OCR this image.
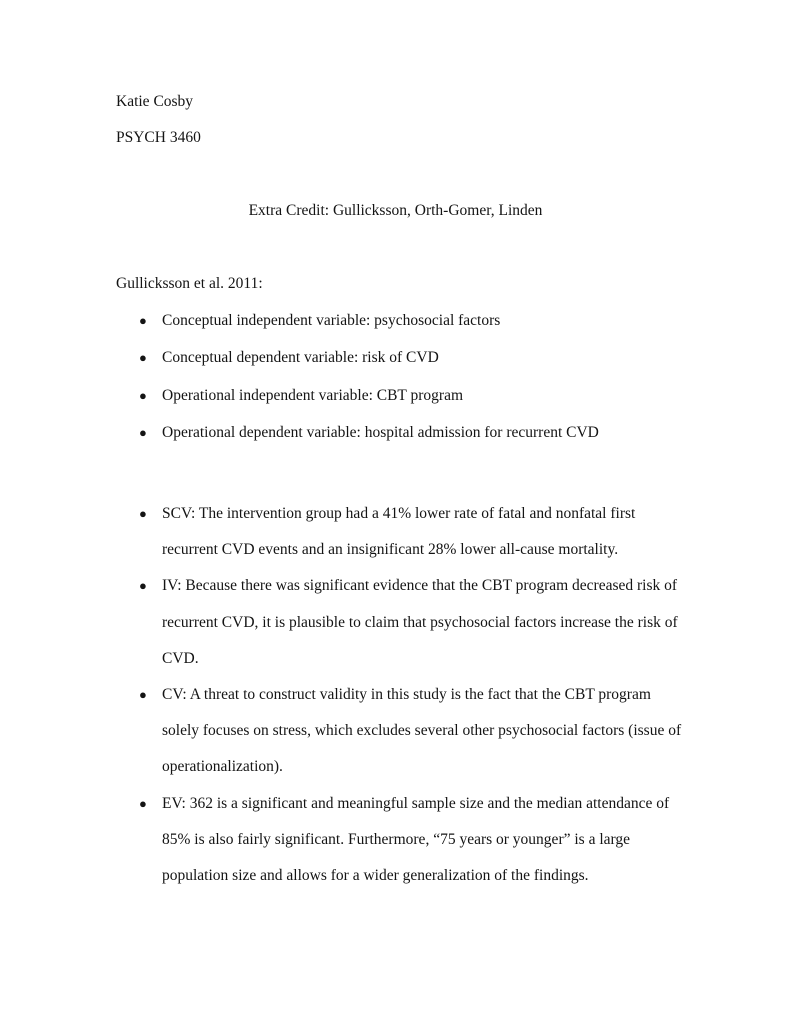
Katie Cosby
PSYCH 3460
Extra Credit: Gullicksson, Orth-Gomer, Linden
Gullicksson et al. 2011:
● Conceptual independent variable: psychosocial factors
● Conceptual dependent variable: risk of CVD
● Operational independent variable: CBT program
● Operational dependent variable: hospital admission for recurrent CVD
● SCV: The intervention group had a 41% lower rate of fatal and nonfatal first recurrent CVD events and an insignificant 28% lower all-cause mortality.
● IV: Because there was significant evidence that the CBT program decreased risk of recurrent CVD, it is plausible to claim that psychosocial factors increase the risk of CVD.
● CV: A threat to construct validity in this study is the fact that the CBT program solely focuses on stress, which excludes several other psychosocial factors (issue of operationalization).
● EV: 362 is a significant and meaningful sample size and the median attendance of 85% is also fairly significant. Furthermore, “75 years or younger” is a large population size and allows for a wider generalization of the findings.
